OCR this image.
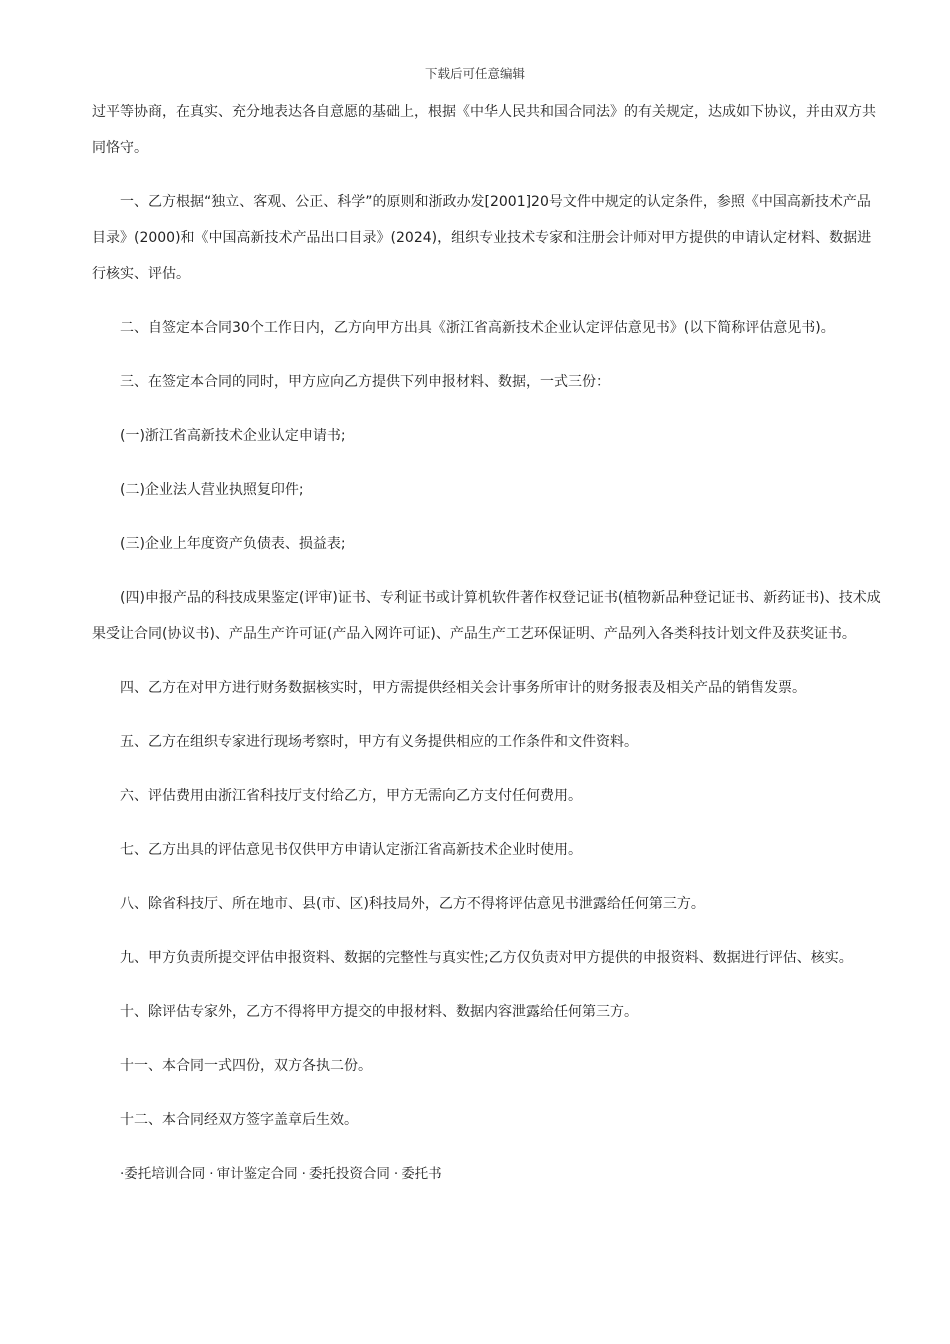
下载后可任意编辑

过平等协商，在真实、充分地表达各自意愿的基础上，根据《中华人民共和国合同法》的有关规定，达成如下协议，并由双方共同恪守。

一、乙方根据“独立、客观、公正、科学”的原则和浙政办发[2001]20号文件中规定的认定条件，参照《中国高新技术产品目录》(2000)和《中国高新技术产品出口目录》(2024)，组织专业技术专家和注册会计师对甲方提供的申请认定材料、数据进行核实、评估。

二、自签定本合同30个工作日内，乙方向甲方出具《浙江省高新技术企业认定评估意见书》(以下简称评估意见书)。

三、在签定本合同的同时，甲方应向乙方提供下列申报材料、数据，一式三份：

(一)浙江省高新技术企业认定申请书;

(二)企业法人营业执照复印件;

(三)企业上年度资产负债表、损益表;

(四)申报产品的科技成果鉴定(评审)证书、专利证书或计算机软件著作权登记证书(植物新品种登记证书、新药证书)、技术成果受让合同(协议书)、产品生产许可证(产品入网许可证)、产品生产工艺环保证明、产品列入各类科技计划文件及获奖证书。

四、乙方在对甲方进行财务数据核实时，甲方需提供经相关会计事务所审计的财务报表及相关产品的销售发票。

五、乙方在组织专家进行现场考察时，甲方有义务提供相应的工作条件和文件资料。

六、评估费用由浙江省科技厅支付给乙方，甲方无需向乙方支付任何费用。

七、乙方出具的评估意见书仅供甲方申请认定浙江省高新技术企业时使用。

八、除省科技厅、所在地市、县(市、区)科技局外，乙方不得将评估意见书泄露给任何第三方。

九、甲方负责所提交评估申报资料、数据的完整性与真实性;乙方仅负责对甲方提供的申报资料、数据进行评估、核实。

十、除评估专家外，乙方不得将甲方提交的申报材料、数据内容泄露给任何第三方。

十一、本合同一式四份，双方各执二份。

十二、本合同经双方签字盖章后生效。

·委托培训合同 · 审计鉴定合同 · 委托投资合同 · 委托书
